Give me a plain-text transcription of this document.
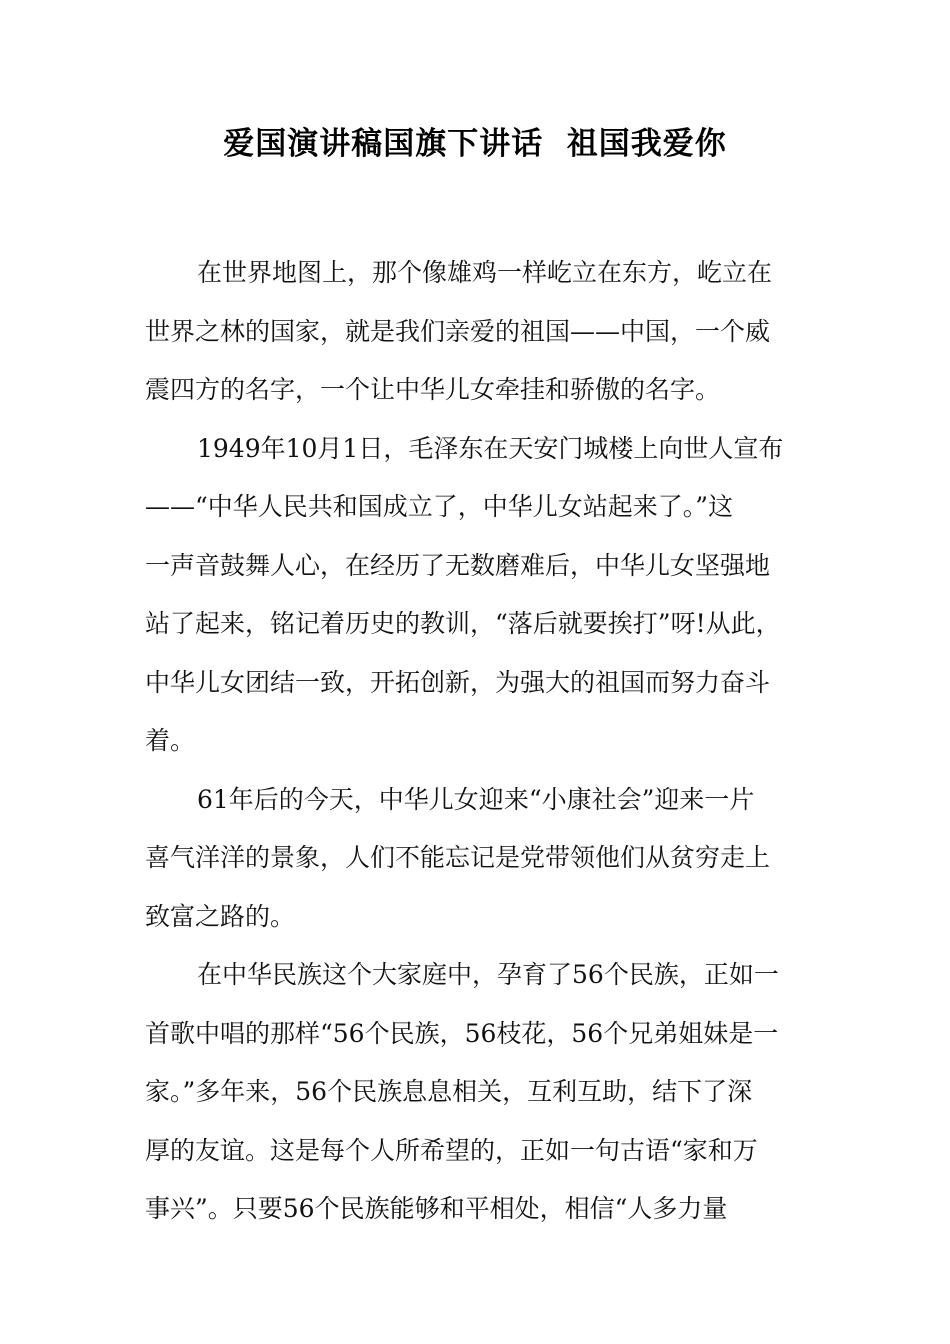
爱国演讲稿国旗下讲话  祖国我爱你
在世界地图上，那个像雄鸡一样屹立在东方，屹立在
世界之林的国家，就是我们亲爱的祖国——中国，一个威
震四方的名字，一个让中华儿女牵挂和骄傲的名字。
1949年10月1日，毛泽东在天安门城楼上向世人宣布
——“中华人民共和国成立了，中华儿女站起来了。”这
一声音鼓舞人心，在经历了无数磨难后，中华儿女坚强地
站了起来，铭记着历史的教训，“落后就要挨打”呀!从此，
中华儿女团结一致，开拓创新，为强大的祖国而努力奋斗
着。
61年后的今天，中华儿女迎来“小康社会”迎来一片
喜气洋洋的景象，人们不能忘记是党带领他们从贫穷走上
致富之路的。
在中华民族这个大家庭中，孕育了56个民族，正如一
首歌中唱的那样“56个民族，56枝花，56个兄弟姐妹是一
家。”多年来，56个民族息息相关，互利互助，结下了深
厚的友谊。这是每个人所希望的，正如一句古语“家和万
事兴”。只要56个民族能够和平相处，相信“人多力量
